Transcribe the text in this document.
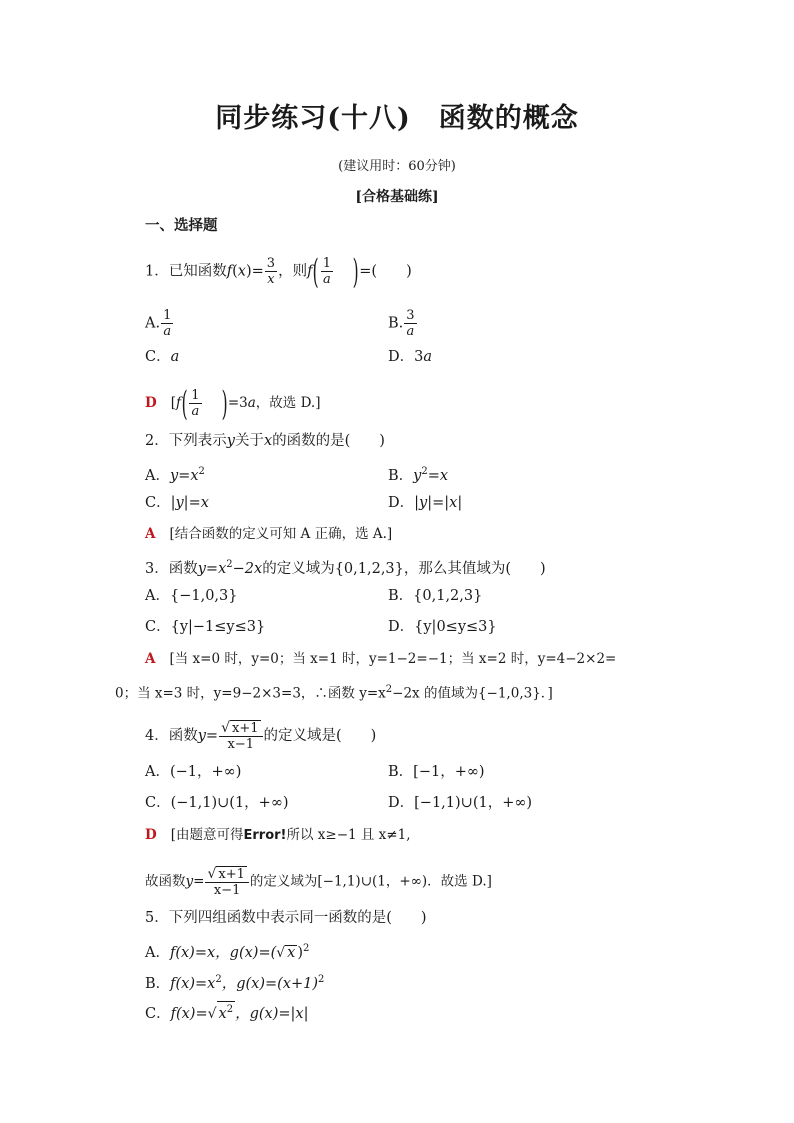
同步练习(十八) 函数的概念
(建议用时：60分钟)
[合格基础练]
一、选择题
1．已知函数$f(x)= \frac{3}{x}$ ，则$f( \frac{1}{a}$ )=(　　)
A. $\frac{1}{a}$	B. $\frac{3}{a}$
C．a	D．3a
D [$f( \frac{1}{a} )=3a$，故选 D.]
2．下列表示y关于x的函数的是(　　)
A．$y=x^2$	B．$y^2=x$
C．|y|=x	D．|y|=|x|
A [结合函数的定义可知 A 正确，选 A.]
3．函数$y=x^2-2x$的定义域为{0,1,2,3}，那么其值域为(　　)
A．{−1,0,3}	B．{0,1,2,3}
C．{y|−1≤y≤3}	D．{y|0≤y≤3}
A [当 x=0 时，y=0；当 x=1 时，y=1−2=−1；当 x=2 时，y=4−2×2=
0；当 x=3 时，y=9−2×3=3，∴函数 $y=x^2-2x$ 的值域为{−1,0,3}．]
4．函数$y= \frac{√ x+1}{x-1}$ 的定义域是(　　)
A．(−1，+∞)	B．[−1，+∞)
C．(−1,1)∪(1，+∞)	D．[−1,1)∪(1，+∞)
D [由题意可得Error!所以 x≥−1 且 x≠1,
故函数$y= \frac{√ x+1}{x-1}$ 的定义域为[−1,1)∪(1，+∞)．故选 D.]
5．下列四组函数中表示同一函数的是(　　)
A．f(x)=x，g(x)=(√ x )$^2$
B．$f(x)=x^2$，$g(x)=(x+1)^2$
C．f(x)=√ $x^2$ ，g(x)=|x|
